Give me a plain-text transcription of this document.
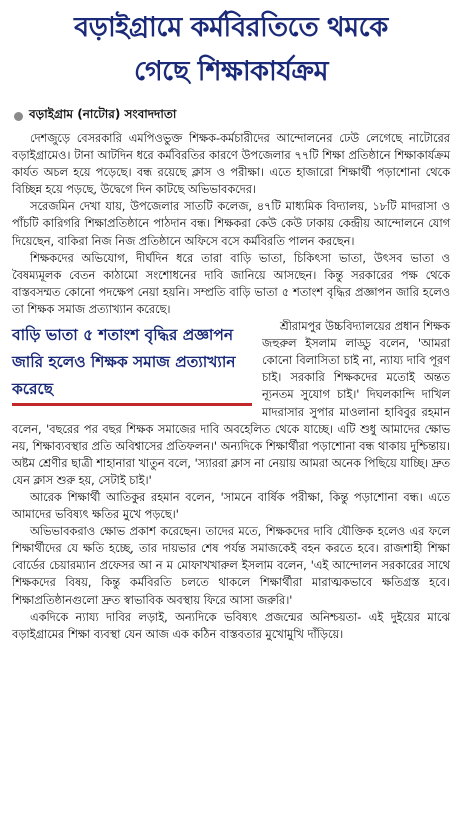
বড়াইগ্রামে কর্মবিরতিতে থমকে
গেছে শিক্ষাকার্যক্রম
বড়াইগ্রাম (নাটোর) সংবাদদাতা

দেশজুড়ে বেসরকারি এমপিওভুক্ত শিক্ষক-কর্মচারীদের আন্দোলনের ঢেউ লেগেছে নাটোরের বড়াইগ্রামেও। টানা আটদিন ধরে কর্মবিরতির কারণে উপজেলার ৭৭টি শিক্ষা প্রতিষ্ঠানে শিক্ষাকার্যক্রম কার্যত অচল হয়ে পড়েছে। বন্ধ রয়েছে ক্লাস ও পরীক্ষা। এতে হাজারো শিক্ষার্থী পড়াশোনা থেকে বিচ্ছিন্ন হয়ে পড়ছে, উদ্বেগে দিন কাটছে অভিভাবকদের।

সরেজমিন দেখা যায়, উপজেলার সাতটি কলেজ, ৪৭টি মাধ্যমিক বিদ্যালয়, ১৮টি মাদরাসা ও পাঁচটি কারিগরি শিক্ষাপ্রতিষ্ঠানে পাঠদান বন্ধ। শিক্ষকরা কেউ কেউ ঢাকায় কেন্দ্রীয় আন্দোলনে যোগ দিয়েছেন, বাকিরা নিজ নিজ প্রতিষ্ঠানে অফিসে বসে কর্মবিরতি পালন করছেন।

শিক্ষকদের অভিযোগ, দীর্ঘদিন ধরে তারা বাড়ি ভাতা, চিকিৎসা ভাতা, উৎসব ভাতা ও বৈষম্যমূলক বেতন কাঠামো সংশোধনের দাবি জানিয়ে আসছেন। কিন্তু সরকারের পক্ষ থেকে বাস্তবসম্মত কোনো পদক্ষেপ নেয়া হয়নি। সম্প্রতি বাড়ি ভাতা ৫ শতাংশ বৃদ্ধির প্রজ্ঞাপন জারি হলেও তা শিক্ষক সমাজ প্রত্যাখ্যান করেছে।

বাড়ি ভাতা ৫ শতাংশ বৃদ্ধির প্রজ্ঞাপন জারি হলেও শিক্ষক সমাজ প্রত্যাখ্যান করেছে

শ্রীরামপুর উচ্চবিদ্যালয়ের প্রধান শিক্ষক জহুরুল ইসলাম লাড্ডু বলেন, 'আমরা কোনো বিলাসিতা চাই না, ন্যায্য দাবি পূরণ চাই। সরকারি শিক্ষকদের মতোই অন্তত ন্যূনতম সুযোগ চাই।' দিঘলকান্দি দাখিল মাদরাসার সুপার মাওলানা হাবিবুর রহমান বলেন, 'বছরের পর বছর শিক্ষক সমাজের দাবি অবহেলিত থেকে যাচ্ছে। এটি শুধু আমাদের ক্ষোভ নয়, শিক্ষাব্যবস্থার প্রতি অবিশ্বাসের প্রতিফলন।' অন্যদিকে শিক্ষার্থীরা পড়াশোনা বন্ধ থাকায় দুশ্চিন্তায়। অষ্টম শ্রেণীর ছাত্রী শাহানারা খাতুন বলে, 'স্যাররা ক্লাস না নেয়ায় আমরা অনেক পিছিয়ে যাচ্ছি। দ্রুত যেন ক্লাস শুরু হয়, সেটাই চাই।'

আরেক শিক্ষার্থী আতিকুর রহমান বলেন, 'সামনে বার্ষিক পরীক্ষা, কিন্তু পড়াশোনা বন্ধ। এতে আমাদের ভবিষ্যৎ ক্ষতির মুখে পড়ছে।'

অভিভাবকরাও ক্ষোভ প্রকাশ করেছেন। তাদের মতে, শিক্ষকদের দাবি যৌক্তিক হলেও এর ফলে শিক্ষার্থীদের যে ক্ষতি হচ্ছে, তার দায়ভার শেষ পর্যন্ত সমাজকেই বহন করতে হবে। রাজশাহী শিক্ষা বোর্ডের চেয়ারম্যান প্রফেসর আ ন ম মোফাখখারুল ইসলাম বলেন, 'এই আন্দোলন সরকারের সাথে শিক্ষকদের বিষয়, কিন্তু কর্মবিরতি চলতে থাকলে শিক্ষার্থীরা মারাত্মকভাবে ক্ষতিগ্রস্ত হবে। শিক্ষাপ্রতিষ্ঠানগুলো দ্রুত স্বাভাবিক অবস্থায় ফিরে আসা জরুরি।'

একদিকে ন্যায্য দাবির লড়াই, অন্যদিকে ভবিষ্যৎ প্রজন্মের অনিশ্চয়তা- এই দুইয়ের মাঝে বড়াইগ্রামের শিক্ষা ব্যবস্থা যেন আজ এক কঠিন বাস্তবতার মুখোমুখি দাঁড়িয়ে।
